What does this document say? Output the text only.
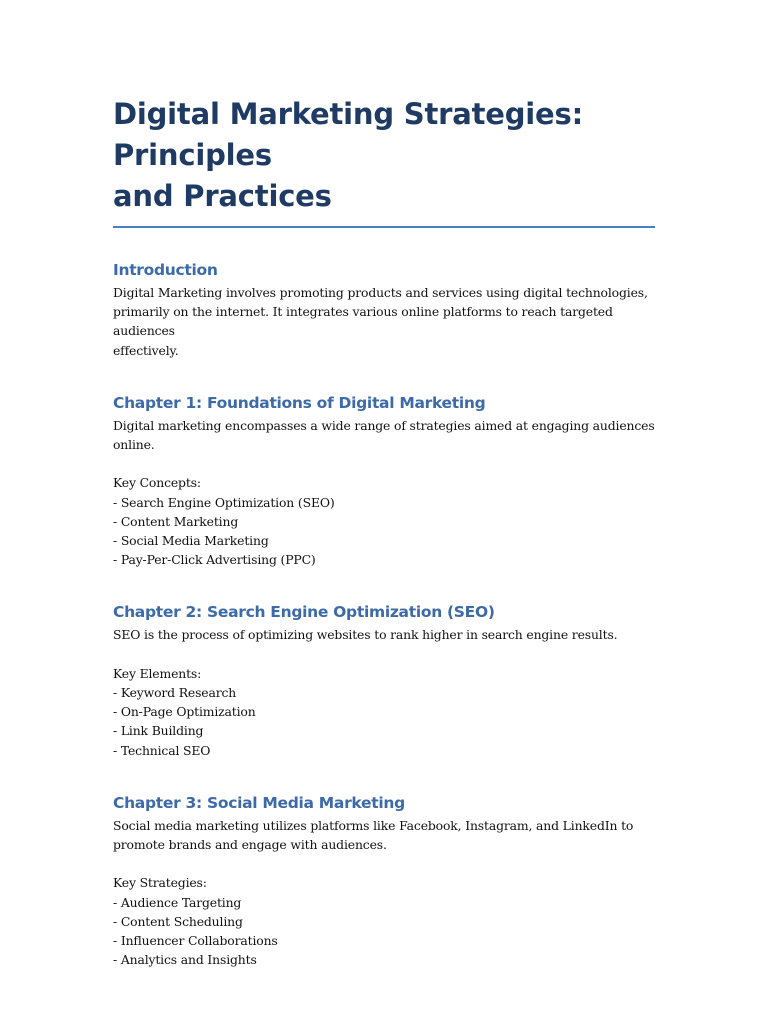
Digital Marketing Strategies: Principles
and Practices
Introduction

Digital Marketing involves promoting products and services using digital technologies,
primarily on the internet. It integrates various online platforms to reach targeted audiences
effectively.

Chapter 1: Foundations of Digital Marketing

Digital marketing encompasses a wide range of strategies aimed at engaging audiences
online.

Key Concepts:

- Search Engine Optimization (SEO)
- Content Marketing
- Social Media Marketing
- Pay-Per-Click Advertising (PPC)
Chapter 2: Search Engine Optimization (SEO)

SEO is the process of optimizing websites to rank higher in search engine results.

Key Elements:

- Keyword Research
- On-Page Optimization
- Link Building
- Technical SEO
Chapter 3: Social Media Marketing

Social media marketing utilizes platforms like Facebook, Instagram, and LinkedIn to
promote brands and engage with audiences.

Key Strategies:

- Audience Targeting
- Content Scheduling
- Influencer Collaborations
- Analytics and Insights
